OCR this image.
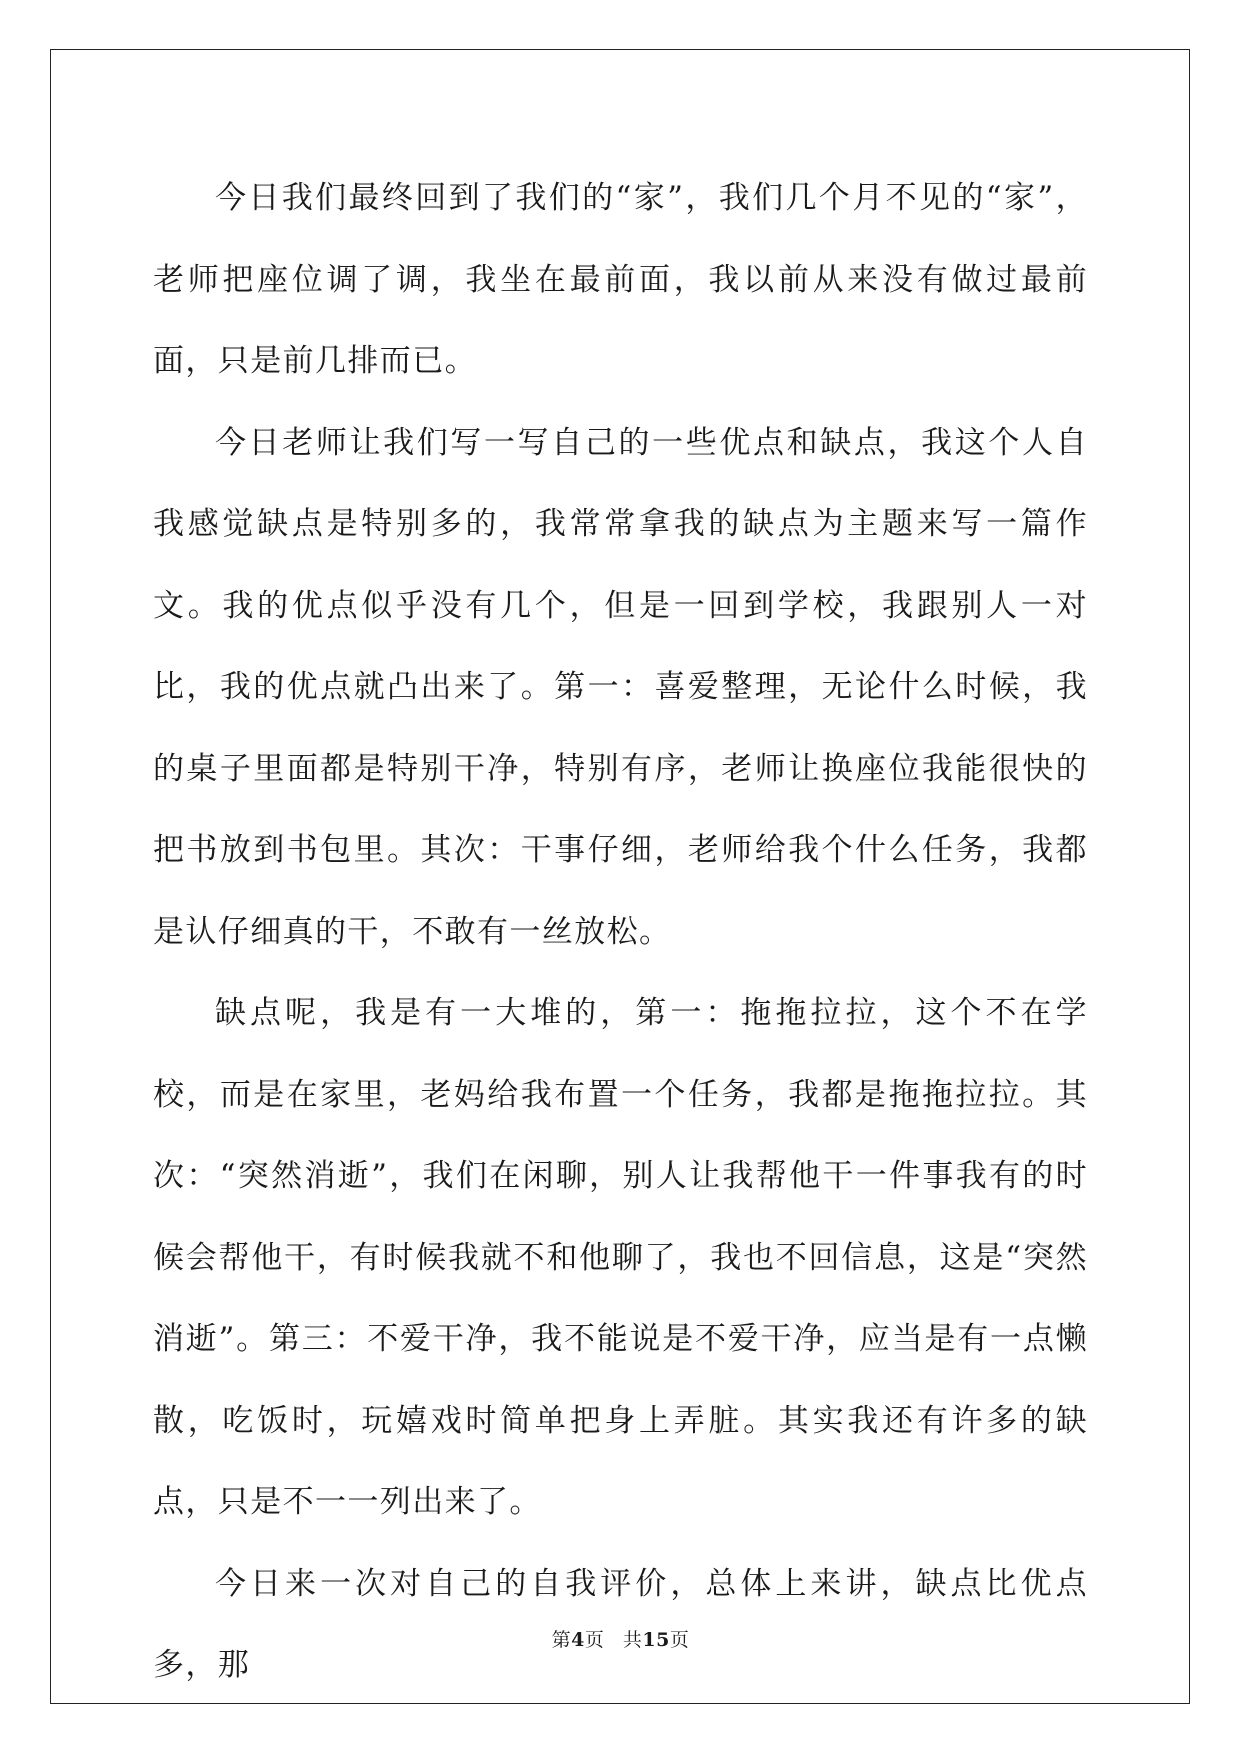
今日我们最终回到了我们的“家”，我们几个月不见的“家”，老师把座位调了调，我坐在最前面，我以前从来没有做过最前面，只是前几排而已。

今日老师让我们写一写自己的一些优点和缺点，我这个人自我感觉缺点是特别多的，我常常拿我的缺点为主题来写一篇作文。我的优点似乎没有几个，但是一回到学校，我跟别人一对比，我的优点就凸出来了。第一：喜爱整理，无论什么时候，我的桌子里面都是特别干净，特别有序，老师让换座位我能很快的把书放到书包里。其次：干事仔细，老师给我个什么任务，我都是认仔细真的干，不敢有一丝放松。

缺点呢，我是有一大堆的，第一：拖拖拉拉，这个不在学校，而是在家里，老妈给我布置一个任务，我都是拖拖拉拉。其次：“突然消逝”，我们在闲聊，别人让我帮他干一件事我有的时候会帮他干，有时候我就不和他聊了，我也不回信息，这是“突然消逝”。第三：不爱干净，我不能说是不爱干净，应当是有一点懒散，吃饭时，玩嬉戏时简单把身上弄脏。其实我还有许多的缺点，只是不一一列出来了。

今日来一次对自己的自我评价，总体上来讲，缺点比优点多，那

第4页 共15页
